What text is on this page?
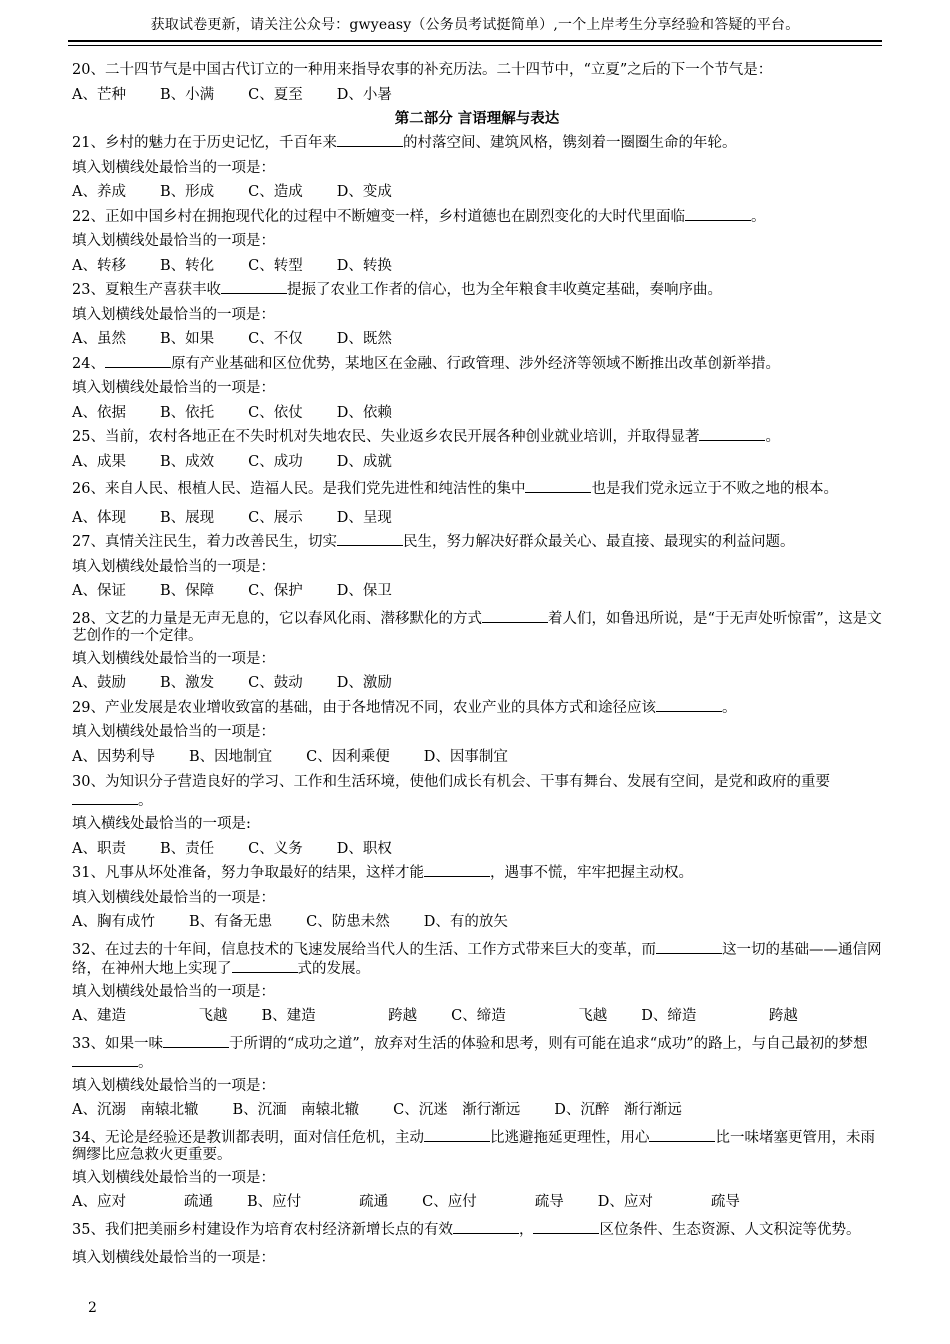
获取试卷更新，请关注公众号：gwyeasy（公务员考试挺简单）,一个上岸考生分享经验和答疑的平台。
20、二十四节气是中国古代订立的一种用来指导农事的补充历法。二十四节中，“立夏”之后的下一个节气是：
A、芒种 B、小满 C、夏至 D、小暑
第二部分 言语理解与表达
21、乡村的魅力在于历史记忆，千百年来	的村落空间、建筑风格，镌刻着一圈圈生命的年轮。
填入划横线处最恰当的一项是：
A、养成 B、形成 C、造成 D、变成
22、正如中国乡村在拥抱现代化的过程中不断嬗变一样，乡村道德也在剧烈变化的大时代里面临	。
填入划横线处最恰当的一项是：
A、转移 B、转化 C、转型 D、转换
23、夏粮生产喜获丰收	提振了农业工作者的信心，也为全年粮食丰收奠定基础，奏响序曲。
填入划横线处最恰当的一项是：
A、虽然 B、如果 C、不仅 D、既然
24、	原有产业基础和区位优势，某地区在金融、行政管理、涉外经济等领域不断推出改革创新举措。
填入划横线处最恰当的一项是：
A、依据 B、依托 C、依仗 D、依赖
25、当前，农村各地正在不失时机对失地农民、失业返乡农民开展各种创业就业培训，并取得显著	。
A、成果 B、成效 C、成功 D、成就
26、来自人民、根植人民、造福人民。是我们党先进性和纯洁性的集中	也是我们党永远立于不败之地的根本。
A、体现 B、展现 C、展示 D、呈现
27、真情关注民生，着力改善民生，切实	民生，努力解决好群众最关心、最直接、最现实的利益问题。
填入划横线处最恰当的一项是：
A、保证 B、保障 C、保护 D、保卫
28、文艺的力量是无声无息的，它以春风化雨、潜移默化的方式	着人们，如鲁迅所说，是“于无声处听惊雷”，这是文艺创作的一个定律。
填入划横线处最恰当的一项是：
A、鼓励 B、激发 C、鼓动 D、激励
29、产业发展是农业增收致富的基础，由于各地情况不同，农业产业的具体方式和途径应该	。
填入划横线处最恰当的一项是：
A、因势利导 B、因地制宜 C、因利乘便 D、因事制宜
30、为知识分子营造良好的学习、工作和生活环境，使他们成长有机会、干事有舞台、发展有空间，是党和政府的重要。
填入横线处最恰当的一项是:
A、职责 B、责任 C、义务 D、职权
31、凡事从坏处准备，努力争取最好的结果，这样才能	，遇事不慌，牢牢把握主动权。
填入划横线处最恰当的一项是：
A、胸有成竹 B、有备无患 C、防患未然 D、有的放矢
32、在过去的十年间，信息技术的飞速发展给当代人的生活、工作方式带来巨大的变革，而	这一切的基础——通信网络，在神州大地上实现了	式的发展。
填入划横线处最恰当的一项是：
A、建造　　　　　飞越 B、建造　　　　　跨越 C、缔造　　　　　飞越 D、缔造　　　　　跨越
33、如果一味	于所谓的“成功之道”，放弃对生活的体验和思考，则有可能在追求“成功”的路上，与自己最初的梦想。
填入划横线处最恰当的一项是：
A、沉溺　南辕北辙 B、沉湎　南辕北辙 C、沉迷　渐行渐远 D、沉醉　渐行渐远
34、无论是经验还是教训都表明，面对信任危机，主动	比逃避拖延更理性，用心	比一味堵塞更管用，未雨绸缪比应急救火更重要。
填入划横线处最恰当的一项是：
A、应对　　　　疏通 B、应付　　　　疏通 C、应付　　　　疏导 D、应对　　　　疏导
35、我们把美丽乡村建设作为培育农村经济新增长点的有效	，	区位条件、生态资源、人文积淀等优势。
填入划横线处最恰当的一项是：
2
